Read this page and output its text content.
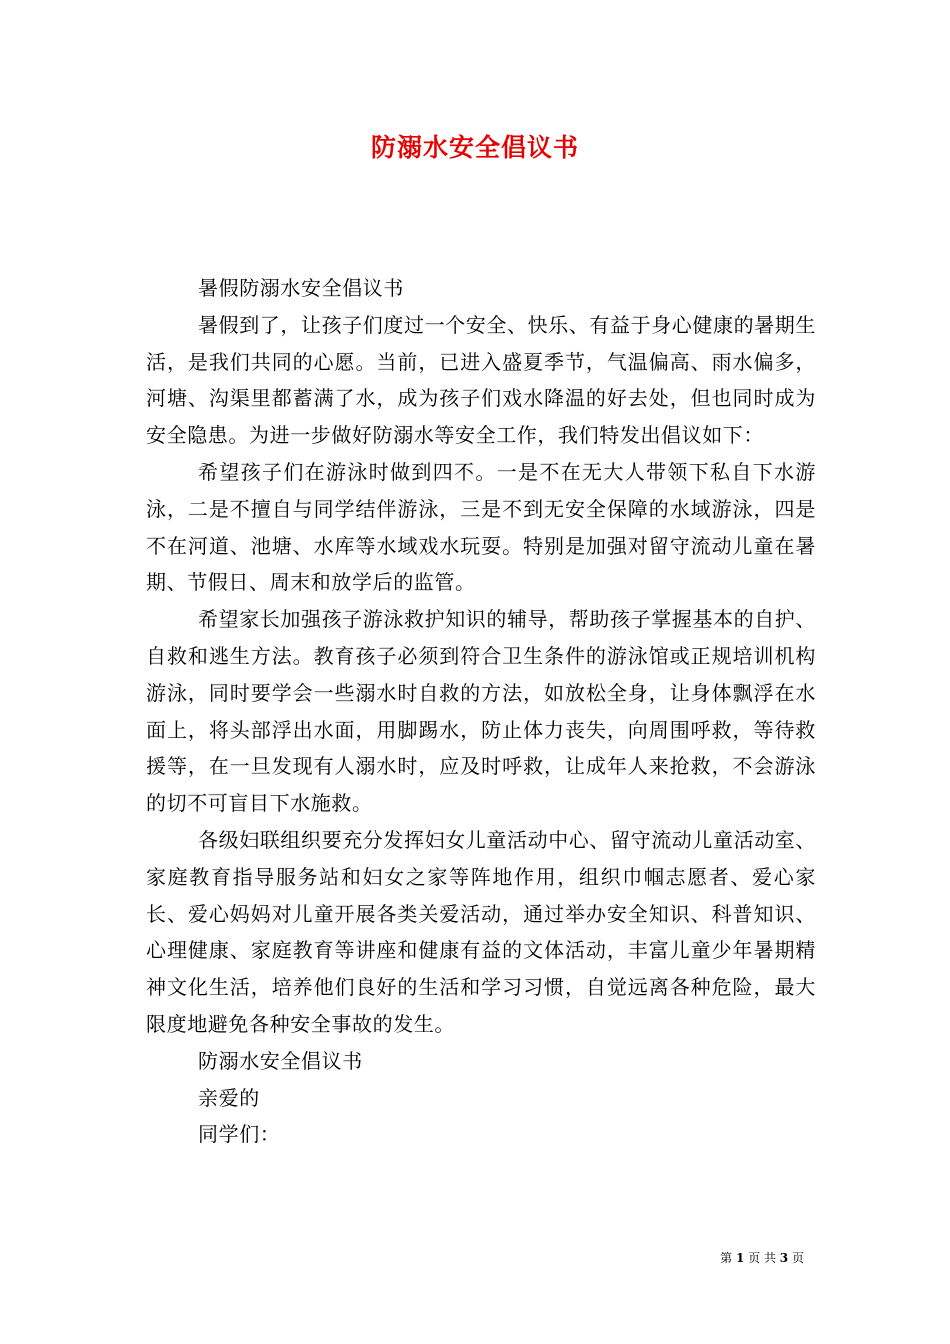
防溺水安全倡议书

暑假防溺水安全倡议书

暑假到了，让孩子们度过一个安全、快乐、有益于身心健康的暑期生活，是我们共同的心愿。当前，已进入盛夏季节，气温偏高、雨水偏多，河塘、沟渠里都蓄满了水，成为孩子们戏水降温的好去处，但也同时成为安全隐患。为进一步做好防溺水等安全工作，我们特发出倡议如下：

希望孩子们在游泳时做到四不。一是不在无大人带领下私自下水游泳，二是不擅自与同学结伴游泳，三是不到无安全保障的水域游泳，四是不在河道、池塘、水库等水域戏水玩耍。特别是加强对留守流动儿童在暑期、节假日、周末和放学后的监管。

希望家长加强孩子游泳救护知识的辅导，帮助孩子掌握基本的自护、自救和逃生方法。教育孩子必须到符合卫生条件的游泳馆或正规培训机构游泳，同时要学会一些溺水时自救的方法，如放松全身，让身体飘浮在水面上，将头部浮出水面，用脚踢水，防止体力丧失，向周围呼救，等待救援等，在一旦发现有人溺水时，应及时呼救，让成年人来抢救，不会游泳的切不可盲目下水施救。

各级妇联组织要充分发挥妇女儿童活动中心、留守流动儿童活动室、家庭教育指导服务站和妇女之家等阵地作用，组织巾帼志愿者、爱心家长、爱心妈妈对儿童开展各类关爱活动，通过举办安全知识、科普知识、心理健康、家庭教育等讲座和健康有益的文体活动，丰富儿童少年暑期精神文化生活，培养他们良好的生活和学习习惯，自觉远离各种危险，最大限度地避免各种安全事故的发生。

防溺水安全倡议书

亲爱的

同学们：

第 1 页 共 3 页
